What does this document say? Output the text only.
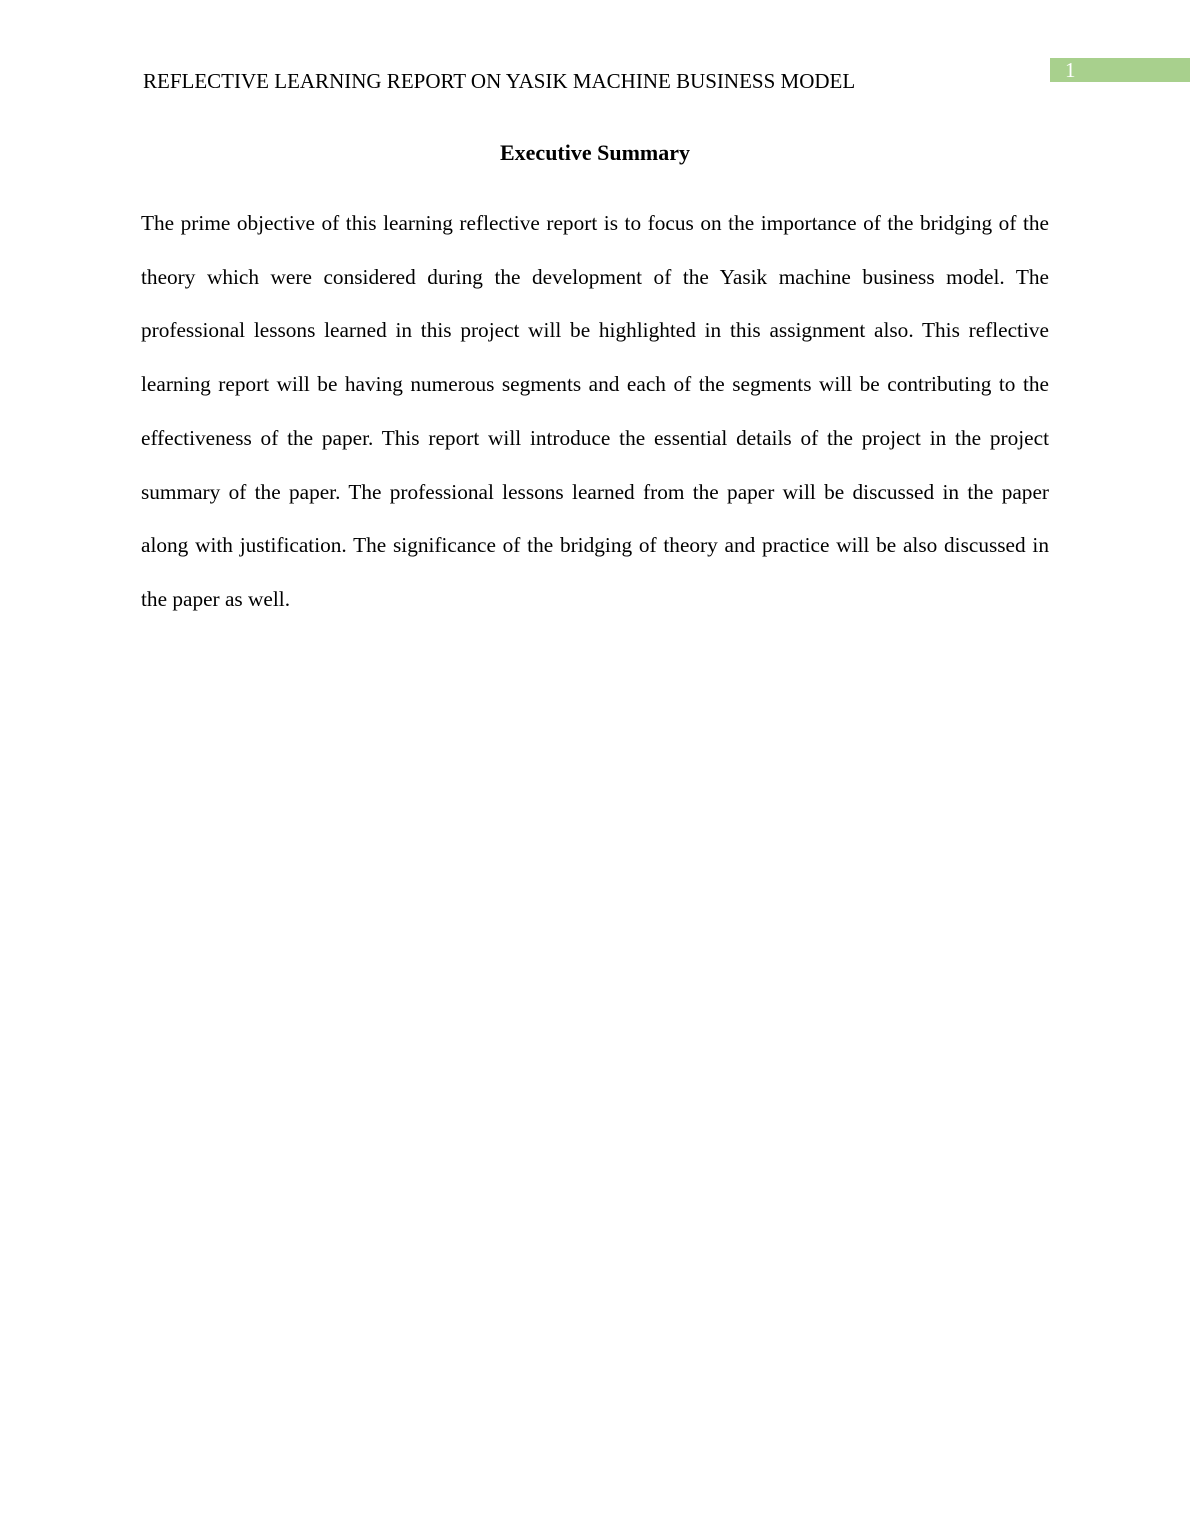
REFLECTIVE LEARNING REPORT ON YASIK MACHINE BUSINESS MODEL	1
Executive Summary

The prime objective of this learning reflective report is to focus on the importance of the bridging of the theory which were considered during the development of the Yasik machine business model. The professional lessons learned in this project will be highlighted in this assignment also. This reflective learning report will be having numerous segments and each of the segments will be contributing to the effectiveness of the paper. This report will introduce the essential details of the project in the project summary of the paper. The professional lessons learned from the paper will be discussed in the paper along with justification. The significance of the bridging of theory and practice will be also discussed in the paper as well.
